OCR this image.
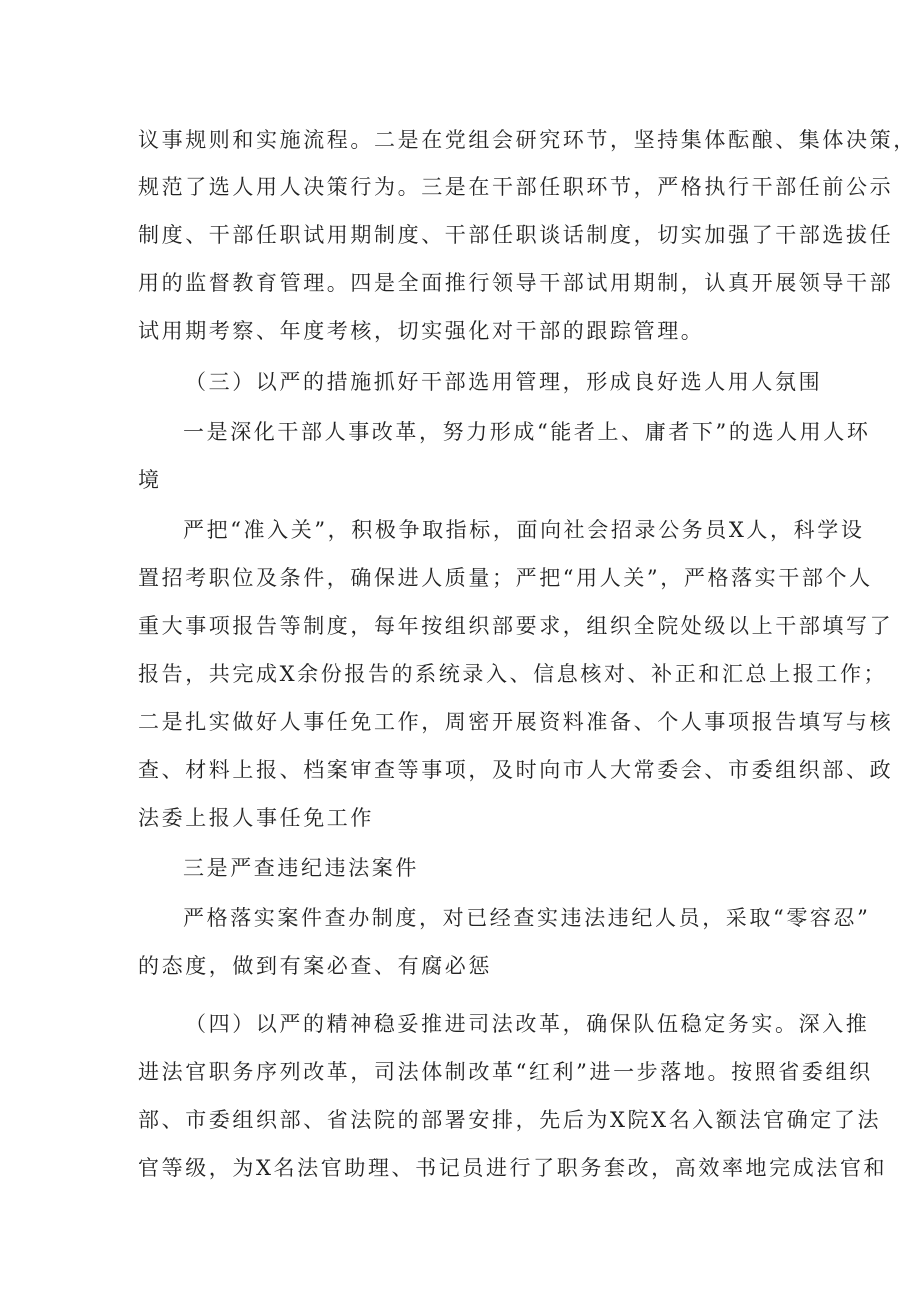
议事规则和实施流程。二是在党组会研究环节，坚持集体酝酿、集体决策，
规范了选人用人决策行为。三是在干部任职环节，严格执行干部任前公示
制度、干部任职试用期制度、干部任职谈话制度，切实加强了干部选拔任
用的监督教育管理。四是全面推行领导干部试用期制，认真开展领导干部
试用期考察、年度考核，切实强化对干部的跟踪管理。
（三）以严的措施抓好干部选用管理，形成良好选人用人氛围
一是深化干部人事改革，努力形成“能者上、庸者下”的选人用人环
境
严把“准入关”，积极争取指标，面向社会招录公务员X人，科学设
置招考职位及条件，确保进人质量；严把“用人关”，严格落实干部个人
重大事项报告等制度，每年按组织部要求，组织全院处级以上干部填写了
报告，共完成X余份报告的系统录入、信息核对、补正和汇总上报工作；
二是扎实做好人事任免工作，周密开展资料准备、个人事项报告填写与核
查、材料上报、档案审查等事项，及时向市人大常委会、市委组织部、政
法委上报人事任免工作
三是严查违纪违法案件
严格落实案件查办制度，对已经查实违法违纪人员，采取“零容忍”
的态度，做到有案必查、有腐必惩
（四）以严的精神稳妥推进司法改革，确保队伍稳定务实。深入推
进法官职务序列改革，司法体制改革“红利”进一步落地。按照省委组织
部、市委组织部、省法院的部署安排，先后为X院X名入额法官确定了法
官等级，为X名法官助理、书记员进行了职务套改，高效率地完成法官和
